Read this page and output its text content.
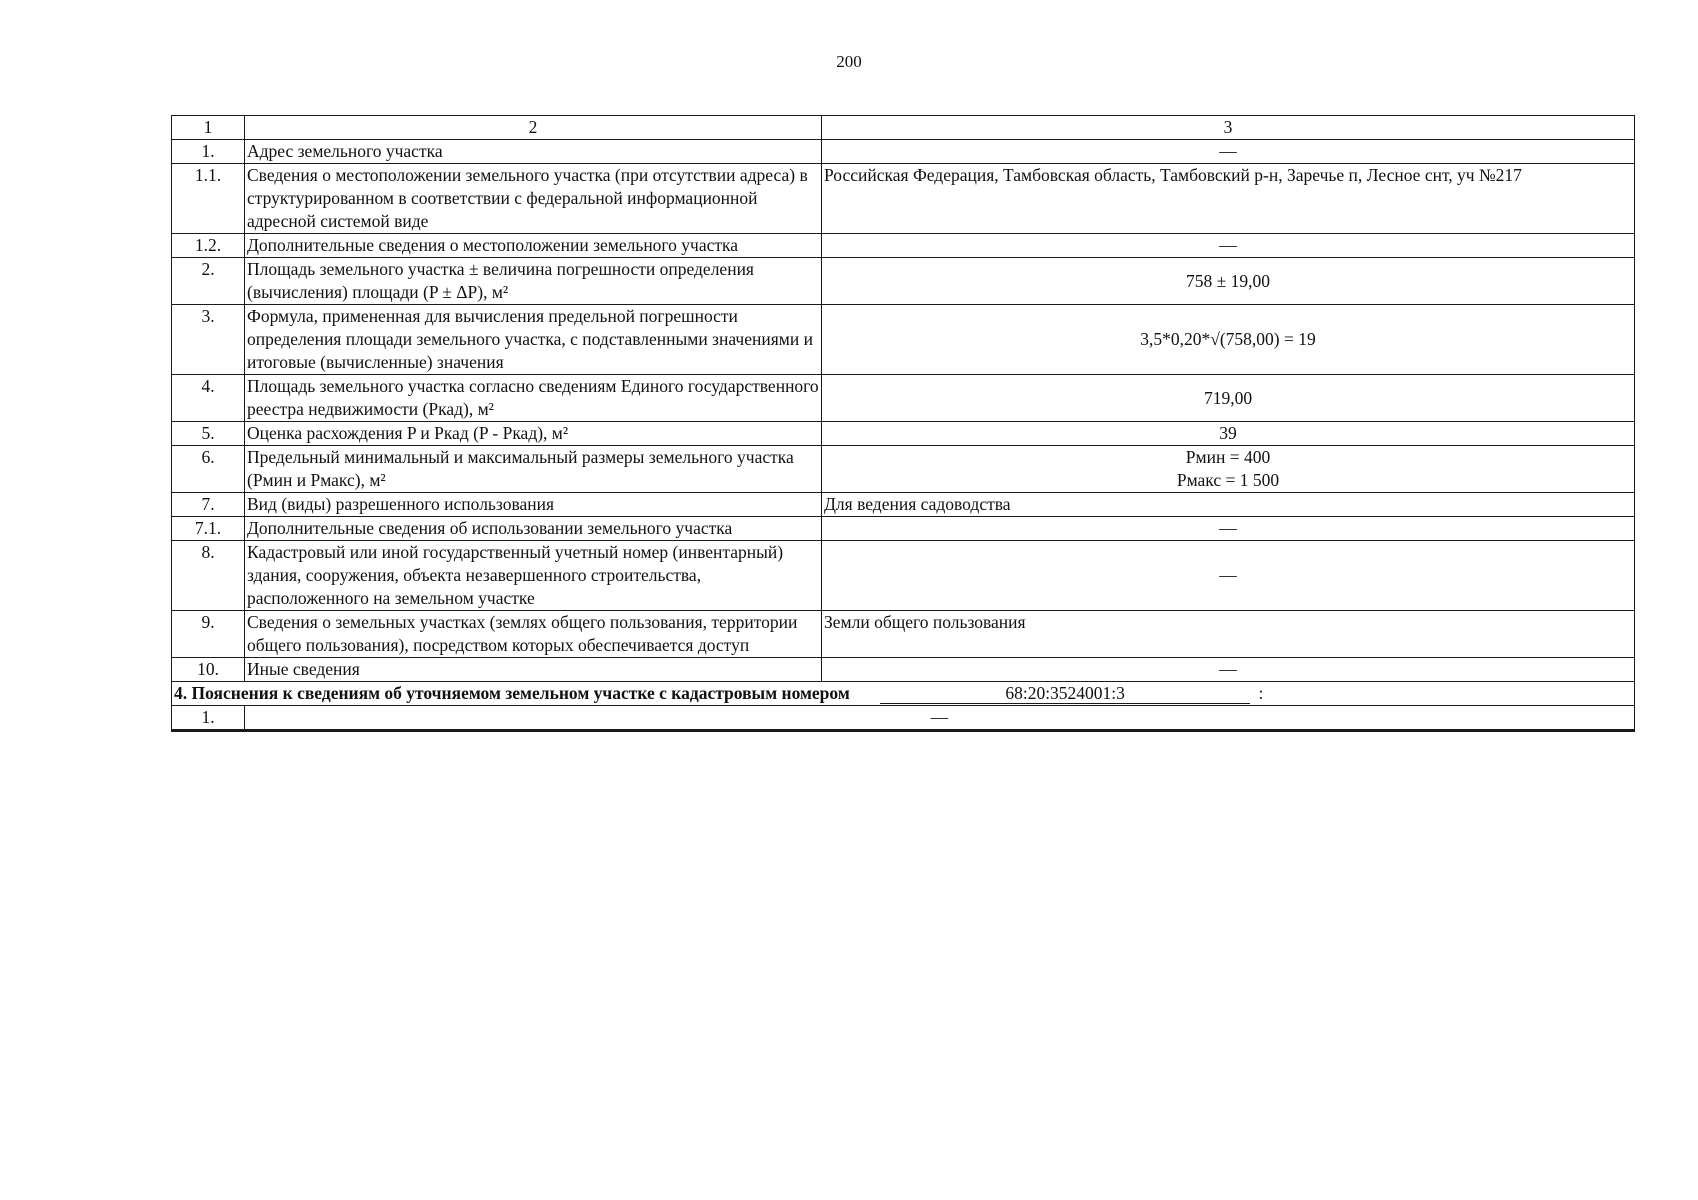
200
1	2	3
1.	Адрес земельного участка	—
1.1.	Сведения о местоположении земельного участка (при отсутствии адреса) в структурированном в соответствии с федеральной информационной адресной системой виде	Российская Федерация, Тамбовская область, Тамбовский р-н, Заречье п, Лесное снт, уч №217
1.2.	Дополнительные сведения о местоположении земельного участка	—
2.	Площадь земельного участка ± величина погрешности определения (вычисления) площади (P ± ΔP), м²	758 ± 19,00
3.	Формула, примененная для вычисления предельной погрешности определения площади земельного участка, с подставленными значениями и итоговые (вычисленные) значения	3,5*0,20*√(758,00) = 19
4.	Площадь земельного участка согласно сведениям Единого государственного реестра недвижимости (Pкад), м²	719,00
5.	Оценка расхождения P и Pкад (P - Pкад), м²	39
6.	Предельный минимальный и максимальный размеры земельного участка (Pмин и Pмакс), м²	Pмин = 400
Pмакс = 1 500

7.	Вид (виды) разрешенного использования	Для ведения садоводства
7.1.	Дополнительные сведения об использовании земельного участка	—
8.	Кадастровый или иной государственный учетный номер (инвентарный) здания, сооружения, объекта незавершенного строительства, расположенного на земельном участке	—
9.	Сведения о земельных участках (землях общего пользования, территории общего пользования), посредством которых обеспечивается доступ	Земли общего пользования
10.	Иные сведения	—
4. Пояснения к сведениям об уточняемом земельном участке с кадастровым номером 68:20:3524001:3 :		
1.	—	
